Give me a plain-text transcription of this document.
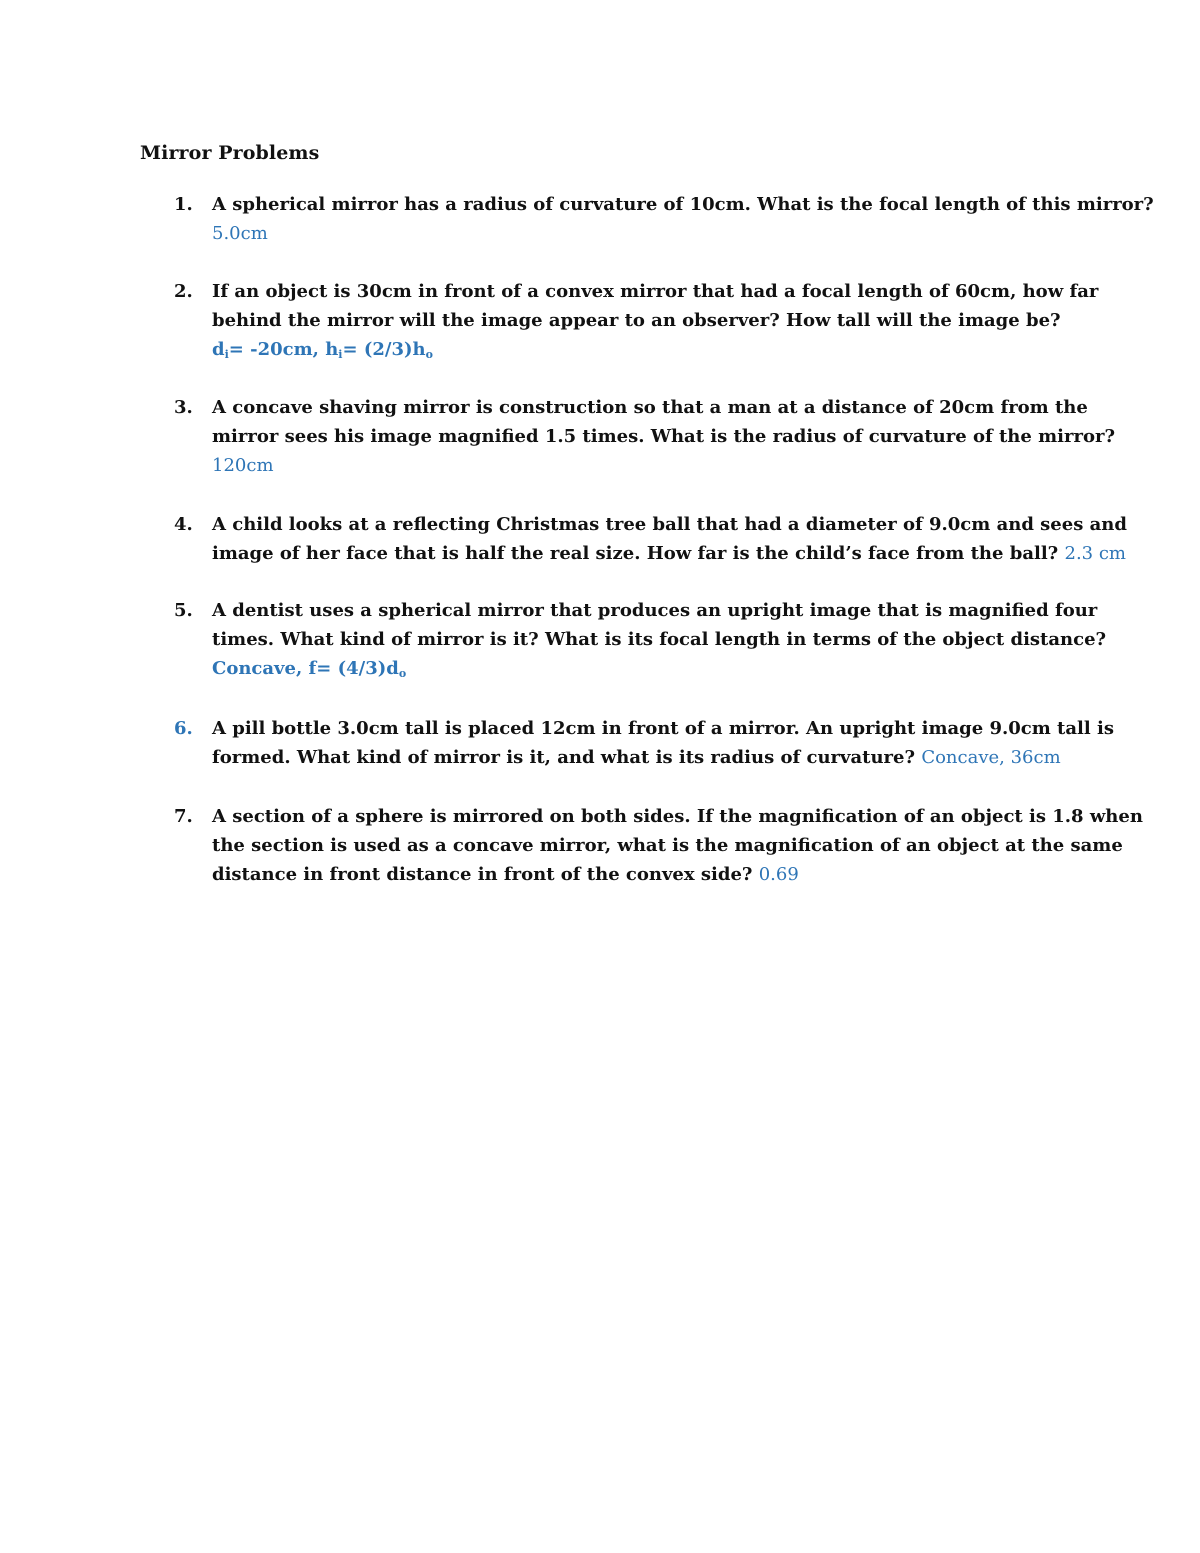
Mirror Problems
1.	A spherical mirror has a radius of curvature of 10cm. What is the focal length of this mirror?
5.0cm
2.	If an object is 30cm in front of a convex mirror that had a focal length of 60cm, how far
behind the mirror will the image appear to an observer? How tall will the image be?
$d_i= -20cm$, $h_i= (2/3)h_o$
3.	A concave shaving mirror is construction so that a man at a distance of 20cm from the
mirror sees his image magnified 1.5 times. What is the radius of curvature of the mirror?
120cm
4.	A child looks at a reflecting Christmas tree ball that had a diameter of 9.0cm and sees and
image of her face that is half the real size. How far is the child’s face from the ball? 2.3 cm
5.	A dentist uses a spherical mirror that produces an upright image that is magnified four
times. What kind of mirror is it? What is its focal length in terms of the object distance?
Concave, $f= (4/3)d_o$
6.	A pill bottle 3.0cm tall is placed 12cm in front of a mirror. An upright image 9.0cm tall is
formed. What kind of mirror is it, and what is its radius of curvature? Concave, 36cm
7.	A section of a sphere is mirrored on both sides. If the magnification of an object is 1.8 when
the section is used as a concave mirror, what is the magnification of an object at the same
distance in front distance in front of the convex side? 0.69
